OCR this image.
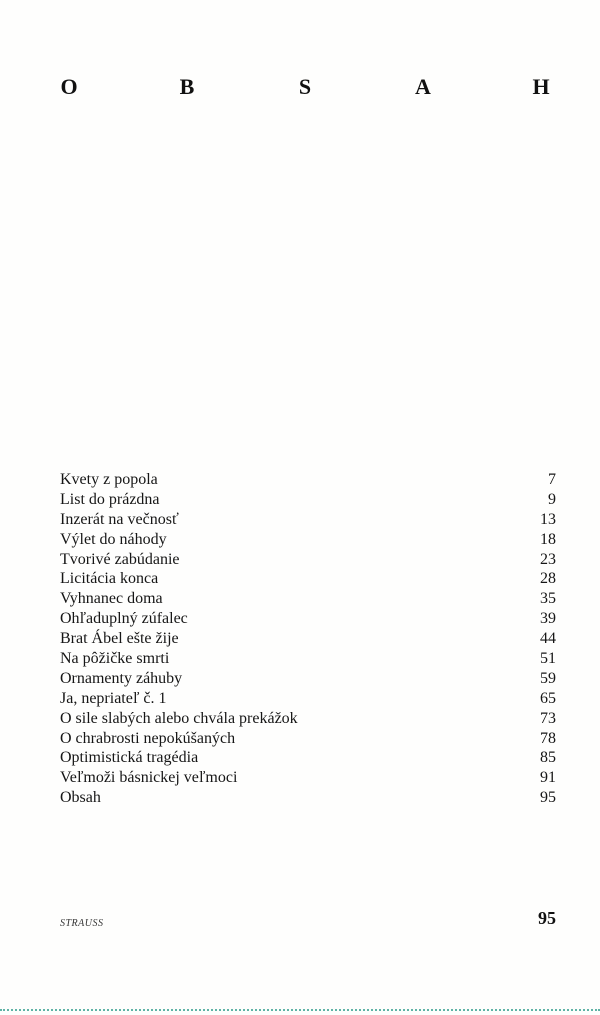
O	B	S	A	H
Kvety z popola	7
List do prázdna	9
Inzerát na večnosť	13
Výlet do náhody	18
Tvorivé zabúdanie	23
Licitácia konca	28
Vyhnanec doma	35
Ohľaduplný zúfalec	39
Brat Ábel ešte žije	44
Na pôžičke smrti	51
Ornamenty záhuby	59
Ja, nepriateľ č. 1	65
O sile slabých alebo chvála prekážok	73
O chrabrosti nepokúšaných	78
Optimistická tragédia	85
Veľmoži básnickej veľmoci	91
Obsah	95
STRAUSS	95
